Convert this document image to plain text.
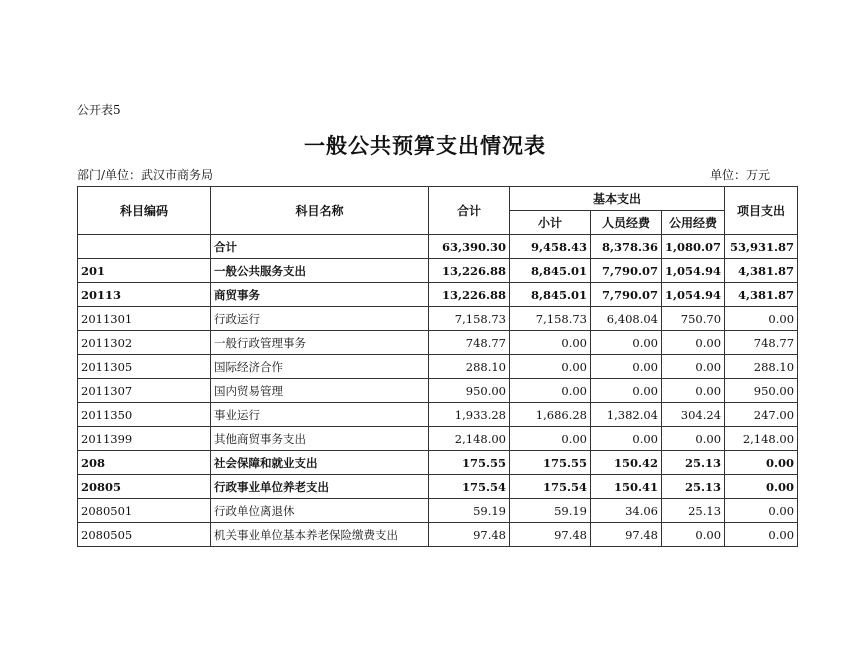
公开表5
一般公共预算支出情况表
部门/单位：武汉市商务局	单位：万元
科目编码	科目名称	合计	基本支出			项目支出
			小计	人员经费	公用经费	
	合计	63,390.30	9,458.43	8,378.36	1,080.07	53,931.87
201	一般公共服务支出	13,226.88	8,845.01	7,790.07	1,054.94	4,381.87
20113	商贸事务	13,226.88	8,845.01	7,790.07	1,054.94	4,381.87
2011301	行政运行	7,158.73	7,158.73	6,408.04	750.70	0.00
2011302	一般行政管理事务	748.77	0.00	0.00	0.00	748.77
2011305	国际经济合作	288.10	0.00	0.00	0.00	288.10
2011307	国内贸易管理	950.00	0.00	0.00	0.00	950.00
2011350	事业运行	1,933.28	1,686.28	1,382.04	304.24	247.00
2011399	其他商贸事务支出	2,148.00	0.00	0.00	0.00	2,148.00
208	社会保障和就业支出	175.55	175.55	150.42	25.13	0.00
20805	行政事业单位养老支出	175.54	175.54	150.41	25.13	0.00
2080501	行政单位离退休	59.19	59.19	34.06	25.13	0.00
2080505	机关事业单位基本养老保险缴费支出	97.48	97.48	97.48	0.00	0.00
